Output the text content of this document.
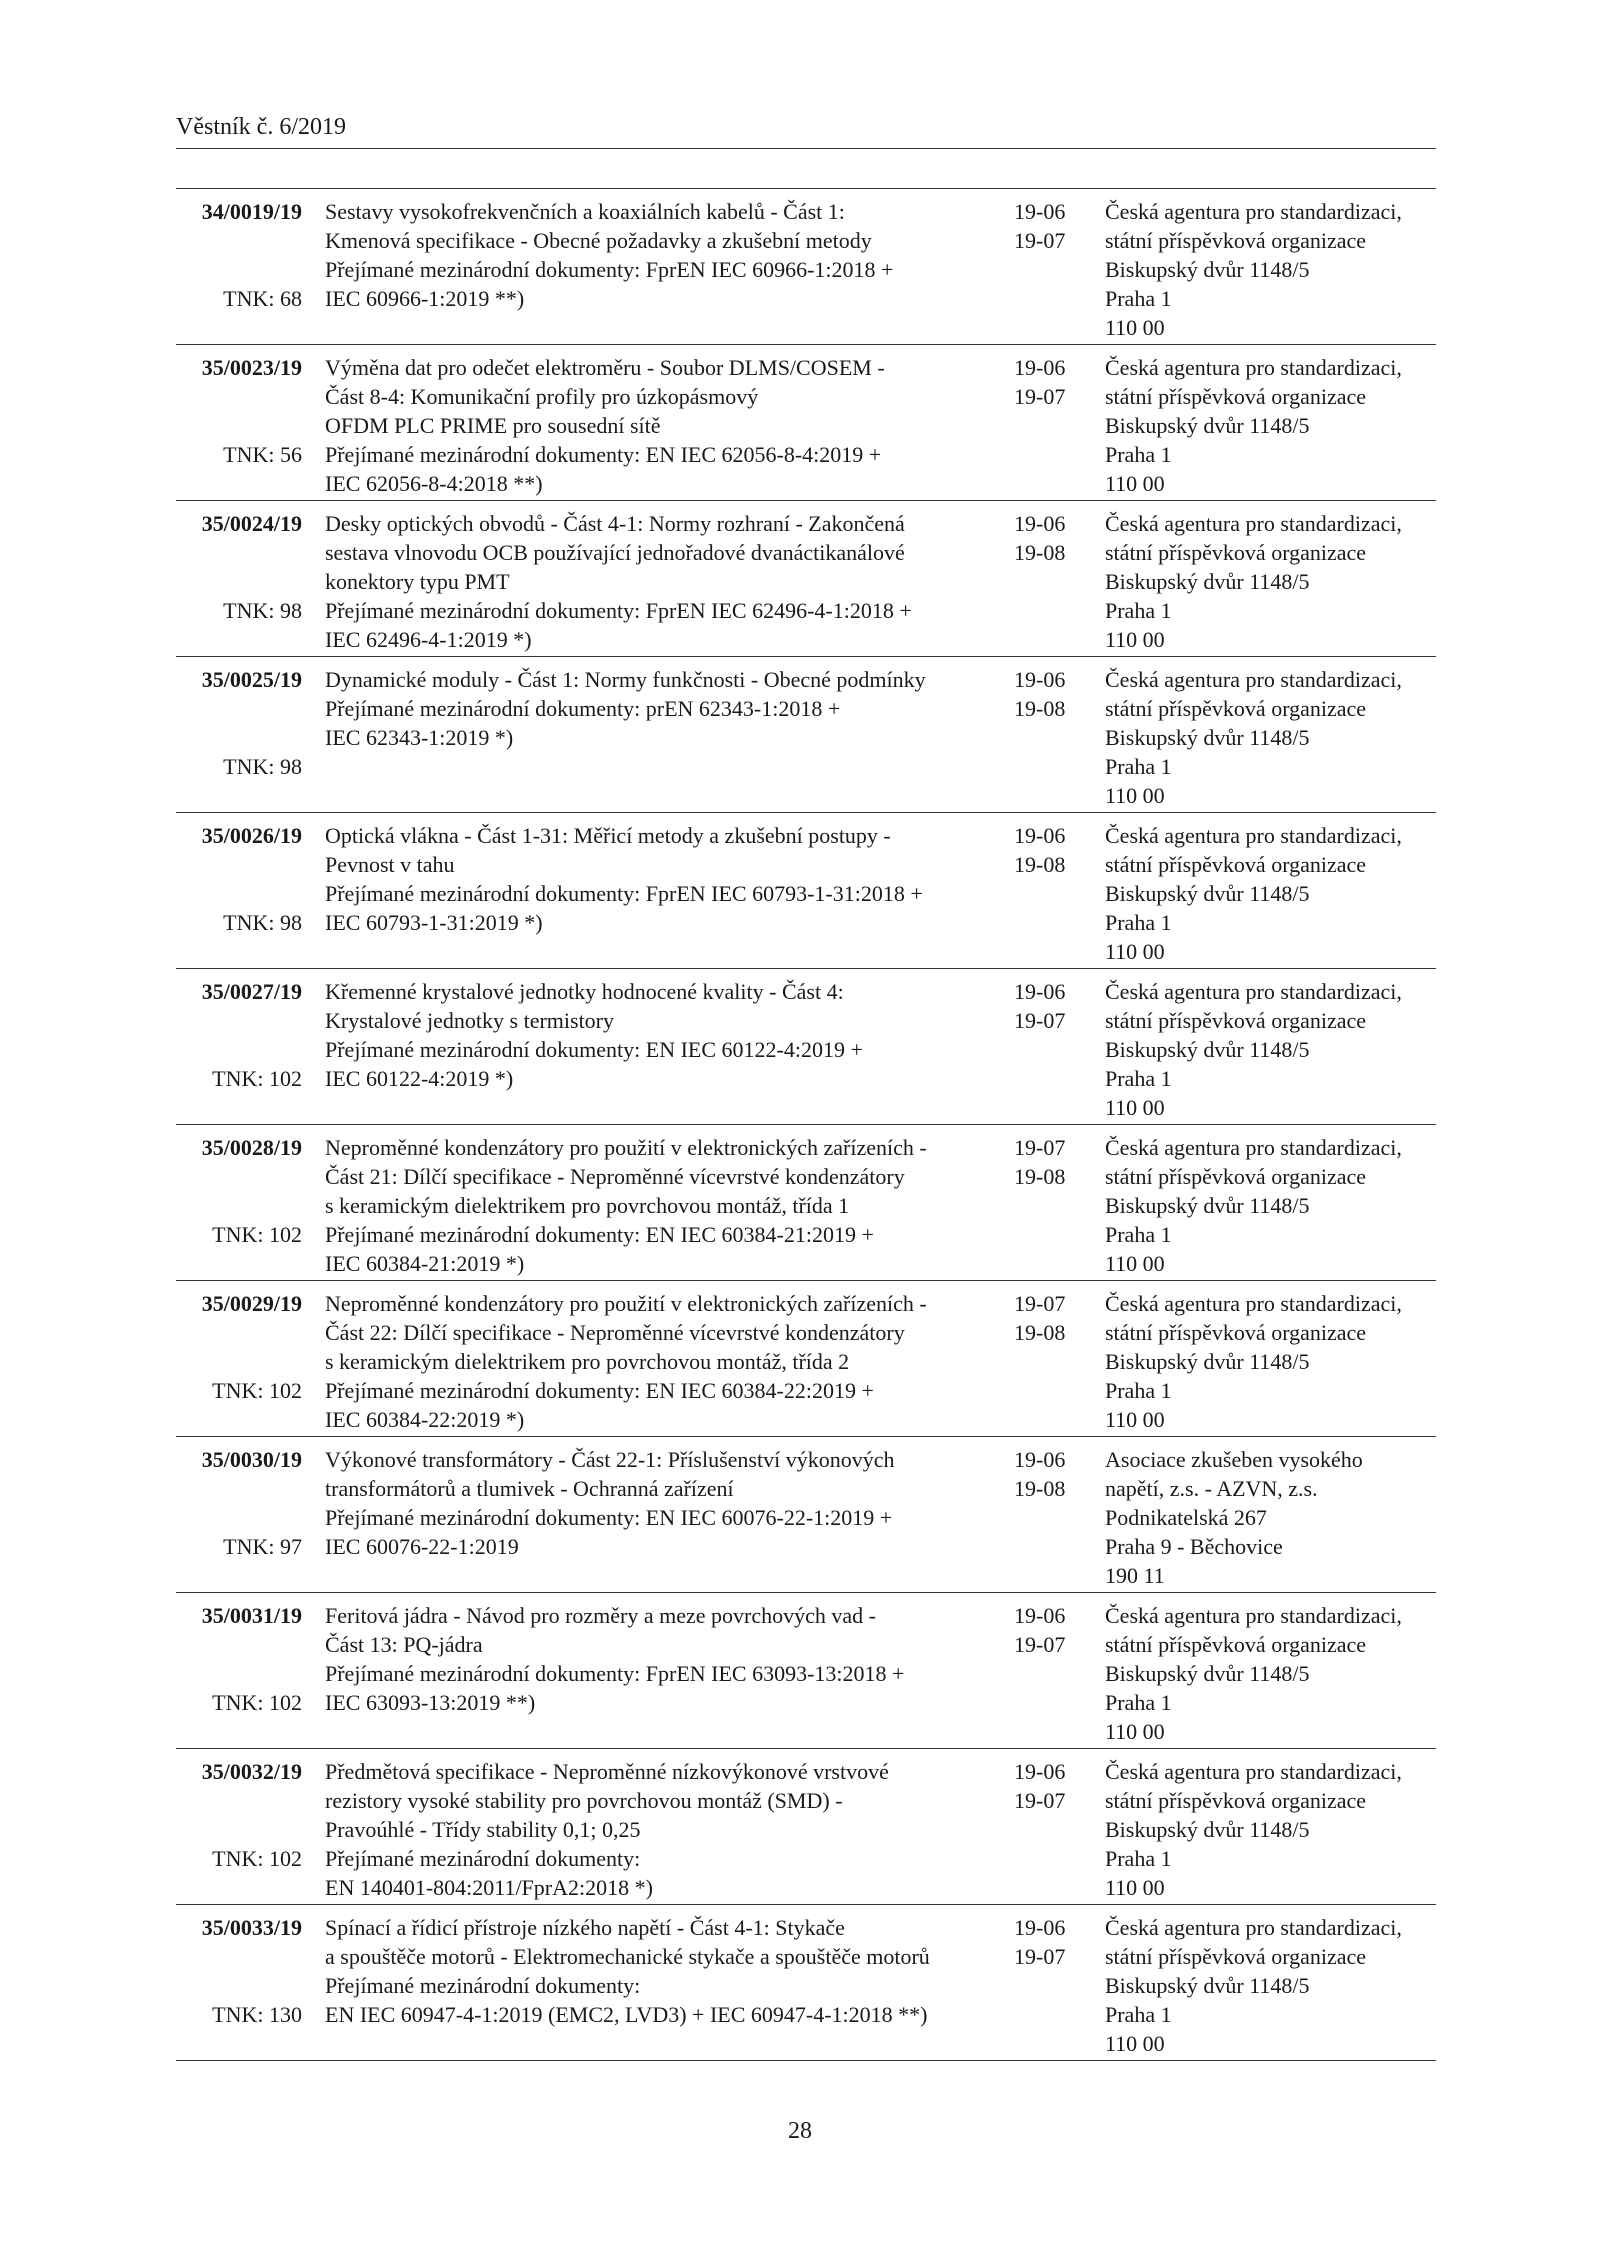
Věstník č. 6/2019
34/0019/19
TNK: 68
Sestavy vysokofrekvenčních a koaxiálních kabelů - Část 1:
Kmenová specifikace - Obecné požadavky a zkušební metody
Přejímané mezinárodní dokumenty: FprEN IEC 60966-1:2018 +
IEC 60966-1:2019 **)
19-06
19-07
Česká agentura pro standardizaci,
státní příspěvková organizace
Biskupský dvůr 1148/5
Praha 1
110 00
35/0023/19
TNK: 56
Výměna dat pro odečet elektroměru - Soubor DLMS/COSEM -
Část 8-4: Komunikační profily pro úzkopásmový
OFDM PLC PRIME pro sousední sítě
Přejímané mezinárodní dokumenty: EN IEC 62056-8-4:2019 +
IEC 62056-8-4:2018 **)
19-06
19-07
Česká agentura pro standardizaci,
státní příspěvková organizace
Biskupský dvůr 1148/5
Praha 1
110 00
35/0024/19
TNK: 98
Desky optických obvodů - Část 4-1: Normy rozhraní - Zakončená
sestava vlnovodu OCB používající jednořadové dvanáctikanálové
konektory typu PMT
Přejímané mezinárodní dokumenty: FprEN IEC 62496-4-1:2018 +
IEC 62496-4-1:2019 *)
19-06
19-08
Česká agentura pro standardizaci,
státní příspěvková organizace
Biskupský dvůr 1148/5
Praha 1
110 00
35/0025/19
TNK: 98
Dynamické moduly - Část 1: Normy funkčnosti - Obecné podmínky
Přejímané mezinárodní dokumenty: prEN 62343-1:2018 +
IEC 62343-1:2019 *)
19-06
19-08
Česká agentura pro standardizaci,
státní příspěvková organizace
Biskupský dvůr 1148/5
Praha 1
110 00
35/0026/19
TNK: 98
Optická vlákna - Část 1-31: Měřicí metody a zkušební postupy -
Pevnost v tahu
Přejímané mezinárodní dokumenty: FprEN IEC 60793-1-31:2018 +
IEC 60793-1-31:2019 *)
19-06
19-08
Česká agentura pro standardizaci,
státní příspěvková organizace
Biskupský dvůr 1148/5
Praha 1
110 00
35/0027/19
TNK: 102
Křemenné krystalové jednotky hodnocené kvality - Část 4:
Krystalové jednotky s termistory
Přejímané mezinárodní dokumenty: EN IEC 60122-4:2019 +
IEC 60122-4:2019 *)
19-06
19-07
Česká agentura pro standardizaci,
státní příspěvková organizace
Biskupský dvůr 1148/5
Praha 1
110 00
35/0028/19
TNK: 102
Neproměnné kondenzátory pro použití v elektronických zařízeních -
Část 21: Dílčí specifikace - Neproměnné vícevrstvé kondenzátory
s keramickým dielektrikem pro povrchovou montáž, třída 1
Přejímané mezinárodní dokumenty: EN IEC 60384-21:2019 +
IEC 60384-21:2019 *)
19-07
19-08
Česká agentura pro standardizaci,
státní příspěvková organizace
Biskupský dvůr 1148/5
Praha 1
110 00
35/0029/19
TNK: 102
Neproměnné kondenzátory pro použití v elektronických zařízeních -
Část 22: Dílčí specifikace - Neproměnné vícevrstvé kondenzátory
s keramickým dielektrikem pro povrchovou montáž, třída 2
Přejímané mezinárodní dokumenty: EN IEC 60384-22:2019 +
IEC 60384-22:2019 *)
19-07
19-08
Česká agentura pro standardizaci,
státní příspěvková organizace
Biskupský dvůr 1148/5
Praha 1
110 00
35/0030/19
TNK: 97
Výkonové transformátory - Část 22-1: Příslušenství výkonových
transformátorů a tlumivek - Ochranná zařízení
Přejímané mezinárodní dokumenty: EN IEC 60076-22-1:2019 +
IEC 60076-22-1:2019
19-06
19-08
Asociace zkušeben vysokého
napětí, z.s. - AZVN, z.s.
Podnikatelská 267
Praha 9 - Běchovice
190 11
35/0031/19
TNK: 102
Feritová jádra - Návod pro rozměry a meze povrchových vad -
Část 13: PQ-jádra
Přejímané mezinárodní dokumenty: FprEN IEC 63093-13:2018 +
IEC 63093-13:2019 **)
19-06
19-07
Česká agentura pro standardizaci,
státní příspěvková organizace
Biskupský dvůr 1148/5
Praha 1
110 00
35/0032/19
TNK: 102
Předmětová specifikace - Neproměnné nízkovýkonové vrstvové
rezistory vysoké stability pro povrchovou montáž (SMD) -
Pravoúhlé - Třídy stability 0,1; 0,25
Přejímané mezinárodní dokumenty:
EN 140401-804:2011/FprA2:2018 *)
19-06
19-07
Česká agentura pro standardizaci,
státní příspěvková organizace
Biskupský dvůr 1148/5
Praha 1
110 00
35/0033/19
TNK: 130
Spínací a řídicí přístroje nízkého napětí - Část 4-1: Stykače
a spouštěče motorů - Elektromechanické stykače a spouštěče motorů
Přejímané mezinárodní dokumenty:
EN IEC 60947-4-1:2019 (EMC2, LVD3) + IEC 60947-4-1:2018 **)
19-06
19-07
Česká agentura pro standardizaci,
státní příspěvková organizace
Biskupský dvůr 1148/5
Praha 1
110 00
28
